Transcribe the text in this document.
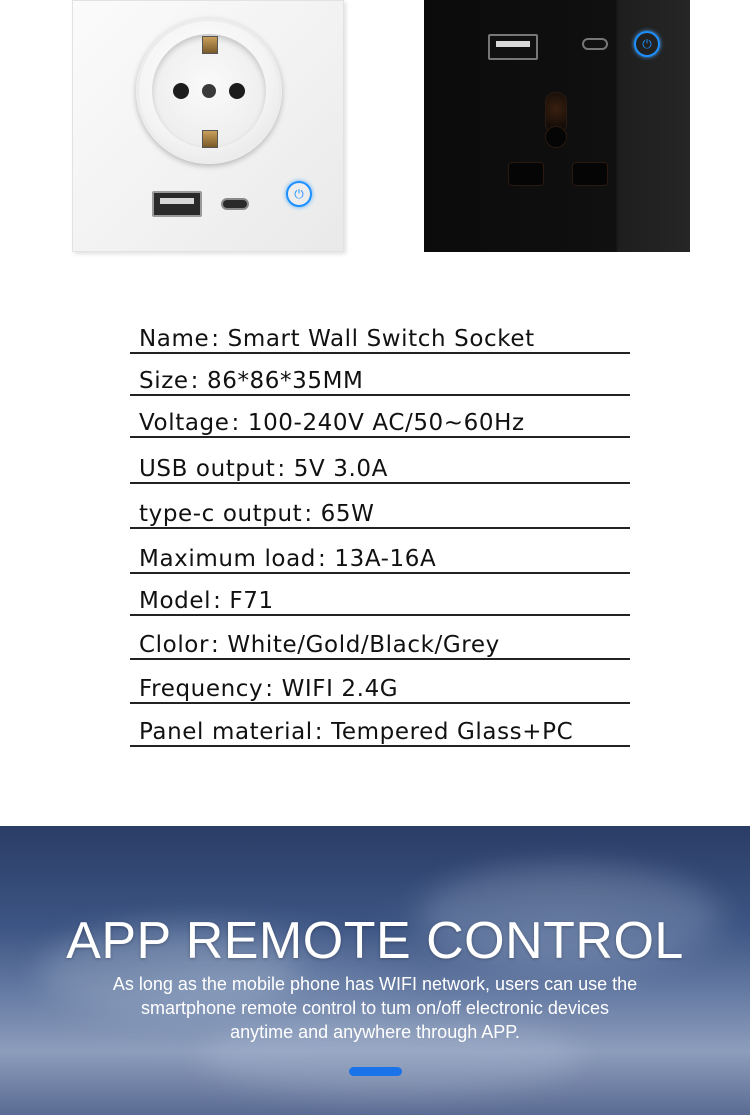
⏻
⏻
Name: Smart Wall Switch Socket
Size: 86*86*35MM
Voltage: 100-240V AC/50~60Hz
USB output: 5V 3.0A
type-c output: 65W
Maximum load: 13A-16A
Model: F71
Clolor: White/Gold/Black/Grey
Frequency: WIFI 2.4G
Panel material: Tempered Glass+PC
APP REMOTE CONTROL
As long as the mobile phone has WIFI network, users can use the
smartphone remote control to tum on/off electronic devices
anytime and anywhere through APP.
